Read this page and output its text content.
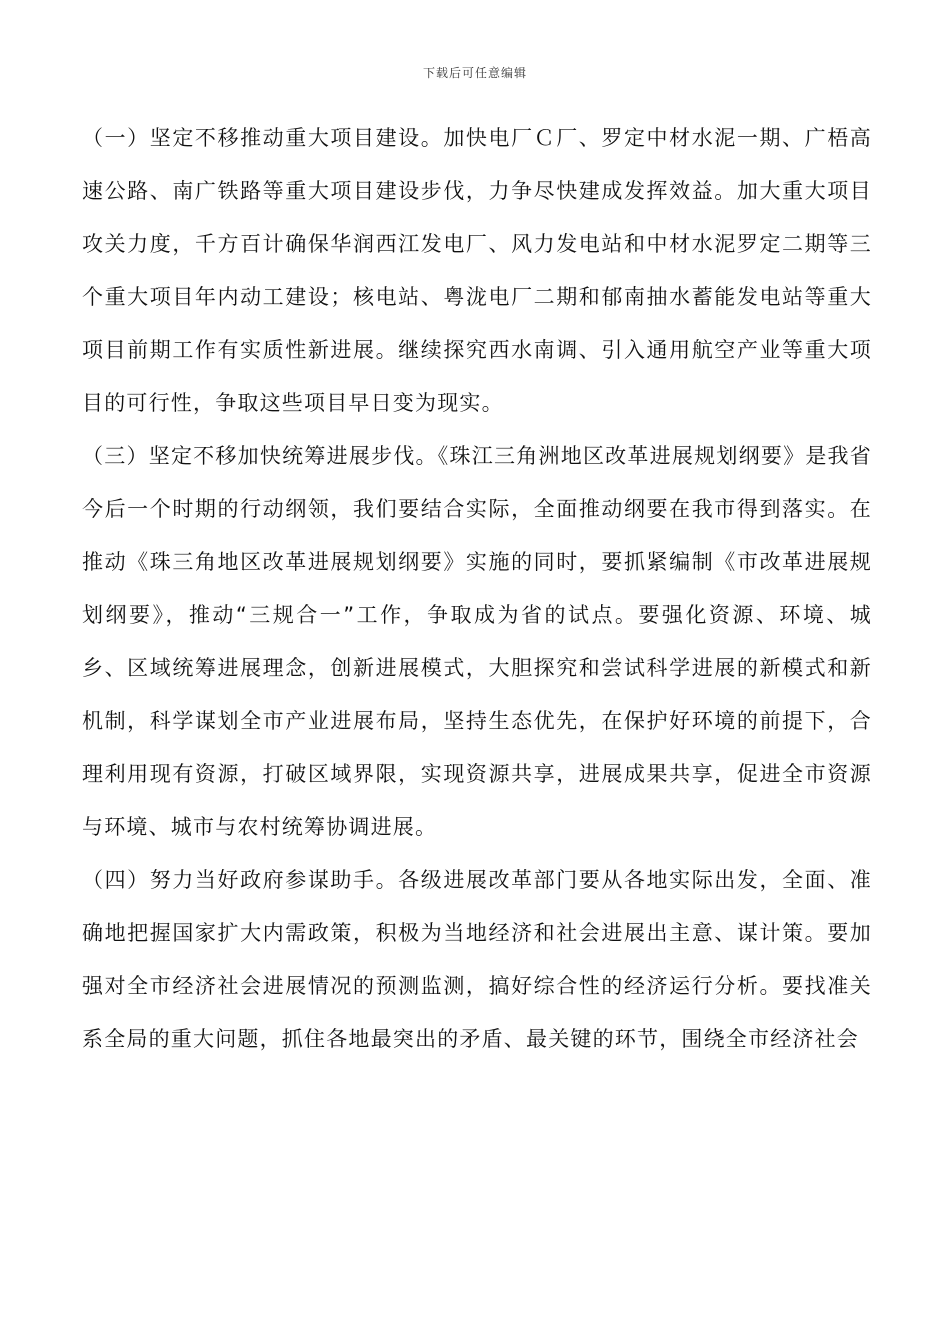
下载后可任意编辑

（一）坚定不移推动重大项目建设。加快电厂Ｃ厂、罗定中材水泥一期、广梧高速公路、南广铁路等重大项目建设步伐，力争尽快建成发挥效益。加大重大项目攻关力度，千方百计确保华润西江发电厂、风力发电站和中材水泥罗定二期等三个重大项目年内动工建设；核电站、粤泷电厂二期和郁南抽水蓄能发电站等重大项目前期工作有实质性新进展。继续探究西水南调、引入通用航空产业等重大项目的可行性，争取这些项目早日变为现实。

（三）坚定不移加快统筹进展步伐。《珠江三角洲地区改革进展规划纲要》是我省今后一个时期的行动纲领，我们要结合实际，全面推动纲要在我市得到落实。在推动《珠三角地区改革进展规划纲要》实施的同时，要抓紧编制《市改革进展规划纲要》，推动“三规合一”工作，争取成为省的试点。要强化资源、环境、城乡、区域统筹进展理念，创新进展模式，大胆探究和尝试科学进展的新模式和新机制，科学谋划全市产业进展布局，坚持生态优先，在保护好环境的前提下，合理利用现有资源，打破区域界限，实现资源共享，进展成果共享，促进全市资源与环境、城市与农村统筹协调进展。

（四）努力当好政府参谋助手。各级进展改革部门要从各地实际出发，全面、准确地把握国家扩大内需政策，积极为当地经济和社会进展出主意、谋计策。要加强对全市经济社会进展情况的预测监测，搞好综合性的经济运行分析。要找准关系全局的重大问题，抓住各地最突出的矛盾、最关键的环节，围绕全市经济社会
